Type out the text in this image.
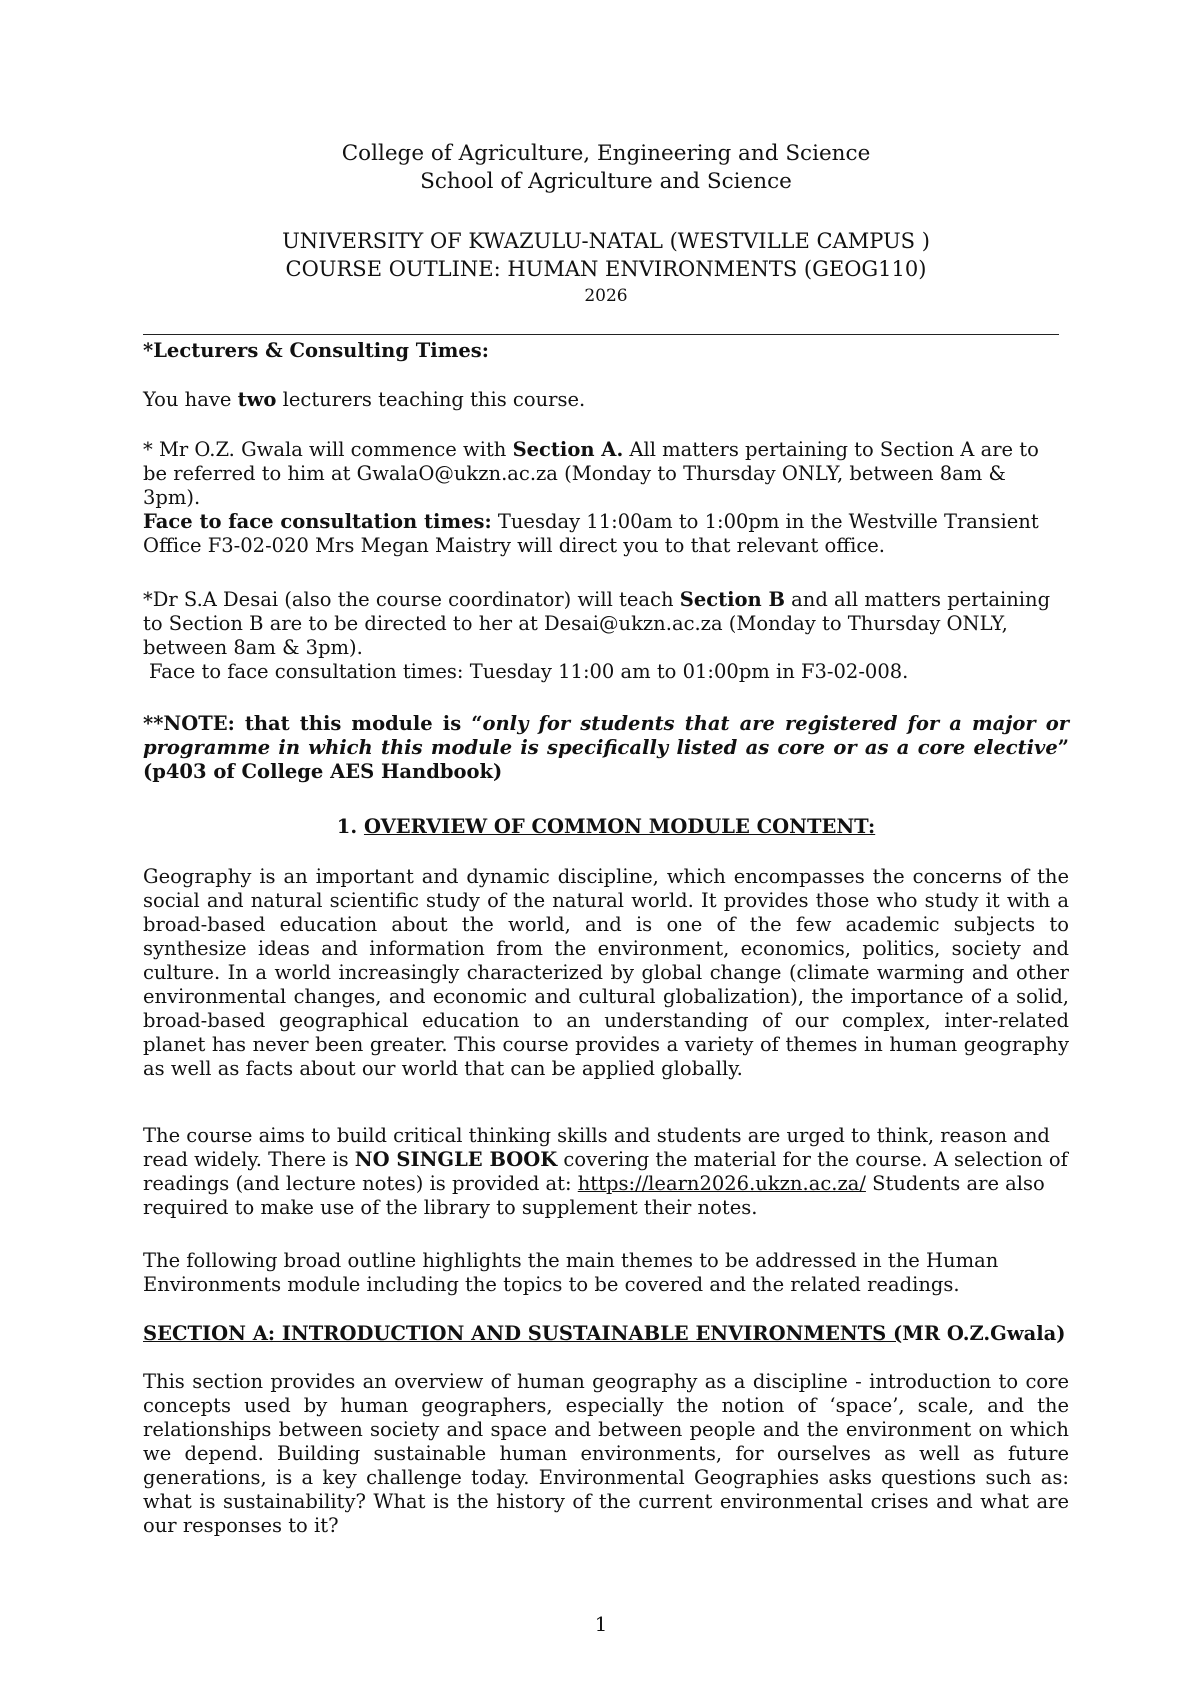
College of Agriculture, Engineering and Science

School of Agriculture and Science

UNIVERSITY OF KWAZULU-NATAL (WESTVILLE CAMPUS )

COURSE OUTLINE: HUMAN ENVIRONMENTS (GEOG110)

2026

*Lecturers & Consulting Times:

You have two lecturers teaching this course.

* Mr O.Z. Gwala will commence with Section A. All matters pertaining to Section A are to be referred to him at GwalaO@ukzn.ac.za (Monday to Thursday ONLY, between 8am & 3pm).

Face to face consultation times: Tuesday 11:00am to 1:00pm in the Westville Transient Office F3-02-020 Mrs Megan Maistry will direct you to that relevant office.

*Dr S.A Desai (also the course coordinator) will teach Section B and all matters pertaining to Section B are to be directed to her at Desai@ukzn.ac.za (Monday to Thursday ONLY, between 8am & 3pm).

Face to face consultation times: Tuesday 11:00 am to 01:00pm in F3-02-008.

**NOTE: that this module is “only for students that are registered for a major or programme in which this module is specifically listed as core or as a core elective” (p403 of College AES Handbook)

1. OVERVIEW OF COMMON MODULE CONTENT:

Geography is an important and dynamic discipline, which encompasses the concerns of the social and natural scientific study of the natural world. It provides those who study it with a broad-based education about the world, and is one of the few academic subjects to synthesize ideas and information from the environment, economics, politics, society and culture. In a world increasingly characterized by global change (climate warming and other environmental changes, and economic and cultural globalization), the importance of a solid, broad-based geographical education to an understanding of our complex, inter-related planet has never been greater. This course provides a variety of themes in human geography as well as facts about our world that can be applied globally.

The course aims to build critical thinking skills and students are urged to think, reason and read widely. There is NO SINGLE BOOK covering the material for the course. A selection of readings (and lecture notes) is provided at: https://learn2026.ukzn.ac.za/ Students are also required to make use of the library to supplement their notes.

The following broad outline highlights the main themes to be addressed in the Human Environments module including the topics to be covered and the related readings.

SECTION A: INTRODUCTION AND SUSTAINABLE ENVIRONMENTS (MR O.Z.Gwala)

This section provides an overview of human geography as a discipline - introduction to core concepts used by human geographers, especially the notion of ‘space’, scale, and the relationships between society and space and between people and the environment on which we depend. Building sustainable human environments, for ourselves as well as future generations, is a key challenge today. Environmental Geographies asks questions such as: what is sustainability? What is the history of the current environmental crises and what are our responses to it?

1
